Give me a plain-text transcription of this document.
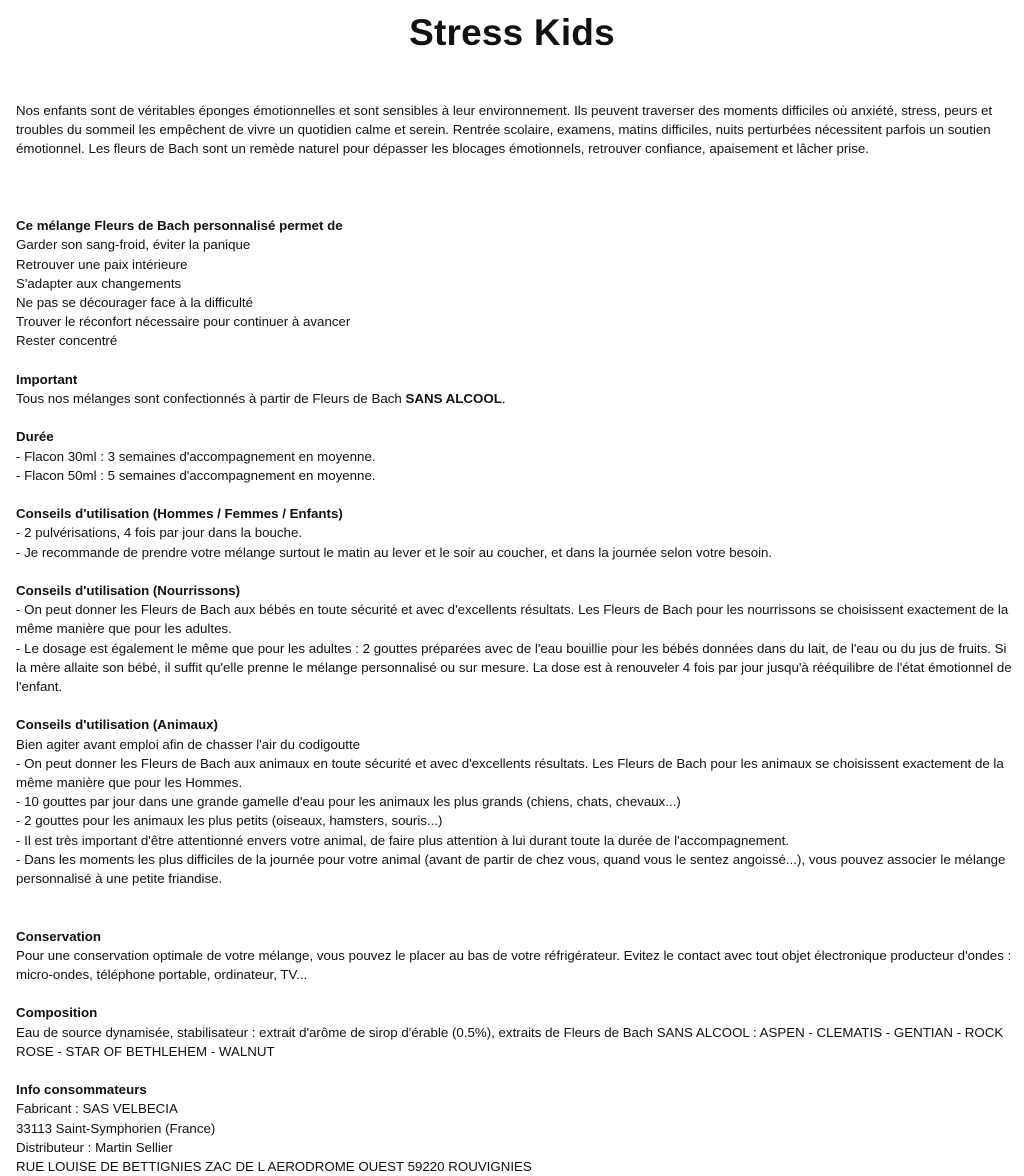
Stress Kids

Nos enfants sont de véritables éponges émotionnelles et sont sensibles à leur environnement. Ils peuvent traverser des moments difficiles où anxiété, stress, peurs et troubles du sommeil les empêchent de vivre un quotidien calme et serein. Rentrée scolaire, examens, matins difficiles, nuits perturbées nécessitent parfois un soutien émotionnel. Les fleurs de Bach sont un remède naturel pour dépasser les blocages émotionnels, retrouver confiance, apaisement et lâcher prise.

Ce mélange Fleurs de Bach personnalisé permet de

Garder son sang-froid, éviter la panique

Retrouver une paix intérieure

S'adapter aux changements

Ne pas se décourager face à la difficulté

Trouver le réconfort nécessaire pour continuer à avancer

Rester concentré

Important

Tous nos mélanges sont confectionnés à partir de Fleurs de Bach SANS ALCOOL.

Durée

- Flacon 30ml : 3 semaines d'accompagnement en moyenne.

- Flacon 50ml : 5 semaines d'accompagnement en moyenne.

Conseils d'utilisation (Hommes / Femmes / Enfants)

- 2 pulvérisations, 4 fois par jour dans la bouche.

- Je recommande de prendre votre mélange surtout le matin au lever et le soir au coucher, et dans la journée selon votre besoin.

Conseils d'utilisation (Nourrissons)

- On peut donner les Fleurs de Bach aux bébés en toute sécurité et avec d'excellents résultats. Les Fleurs de Bach pour les nourrissons se choisissent exactement de la même manière que pour les adultes.

- Le dosage est également le même que pour les adultes : 2 gouttes préparées avec de l'eau bouillie pour les bébés données dans du lait, de l'eau ou du jus de fruits. Si la mère allaite son bébé, il suffit qu'elle prenne le mélange personnalisé ou sur mesure. La dose est à renouveler 4 fois par jour jusqu'à rééquilibre de l'état émotionnel de l'enfant.

Conseils d'utilisation (Animaux)

Bien agiter avant emploi afin de chasser l'air du codigoutte

- On peut donner les Fleurs de Bach aux animaux en toute sécurité et avec d'excellents résultats. Les Fleurs de Bach pour les animaux se choisissent exactement de la même manière que pour les Hommes.

- 10 gouttes par jour dans une grande gamelle d'eau pour les animaux les plus grands (chiens, chats, chevaux...)

- 2 gouttes pour les animaux les plus petits (oiseaux, hamsters, souris...)

- Il est très important d'être attentionné envers votre animal, de faire plus attention à lui durant toute la durée de l'accompagnement.

- Dans les moments les plus difficiles de la journée pour votre animal (avant de partir de chez vous, quand vous le sentez angoissé...), vous pouvez associer le mélange personnalisé à une petite friandise.

Conservation

Pour une conservation optimale de votre mélange, vous pouvez le placer au bas de votre réfrigérateur. Evitez le contact avec tout objet électronique producteur d'ondes : micro-ondes, téléphone portable, ordinateur, TV...

Composition

Eau de source dynamisée, stabilisateur : extrait d'arôme de sirop d'érable (0.5%), extraits de Fleurs de Bach SANS ALCOOL : ASPEN - CLEMATIS - GENTIAN - ROCK ROSE - STAR OF BETHLEHEM - WALNUT

Info consommateurs

Fabricant : SAS VELBECIA

33113 Saint-Symphorien (France)

Distributeur : Martin Sellier

RUE LOUISE DE BETTIGNIES ZAC DE L AERODROME OUEST 59220 ROUVIGNIES
